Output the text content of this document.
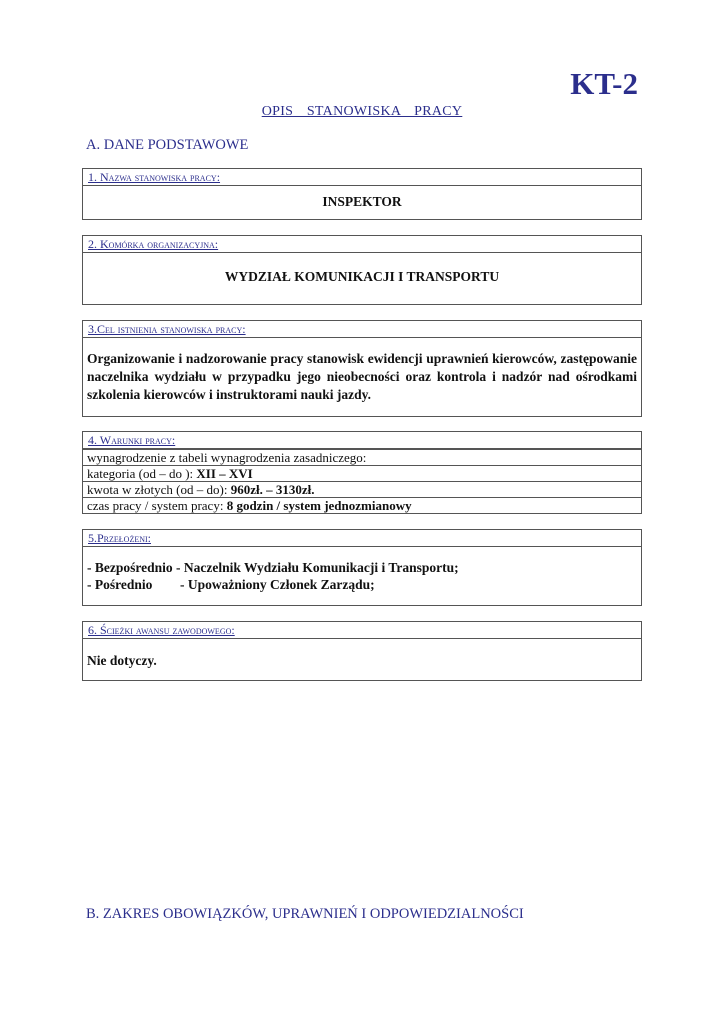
KT-2
OPIS  STANOWISKA  PRACY
A. DANE PODSTAWOWE
1. Nazwa stanowiska pracy:
INSPEKTOR
2. Komórka organizacyjna:
WYDZIAŁ KOMUNIKACJI I TRANSPORTU
3.Cel istnienia stanowiska pracy:
Organizowanie i nadzorowanie pracy stanowisk ewidencji uprawnień kierowców, zastępowanie naczelnika wydziału w przypadku jego nieobecności oraz kontrola i nadzór nad ośrodkami szkolenia kierowców i instruktorami nauki jazdy.
4. Warunki pracy:
wynagrodzenie z tabeli wynagrodzenia zasadniczego:
kategoria (od – do ): XII – XVI
kwota w złotych (od – do): 960zł. – 3130zł.
czas pracy / system pracy: 8 godzin / system jednozmianowy
5.Przełożeni:
- Bezpośrednio - Naczelnik Wydziału Komunikacji i Transportu;
- Pośrednio - Upoważniony Członek Zarządu;
6. Ścieżki awansu zawodowego:
Nie dotyczy.
B. ZAKRES OBOWIĄZKÓW, UPRAWNIEŃ I ODPOWIEDZIALNOŚCI
